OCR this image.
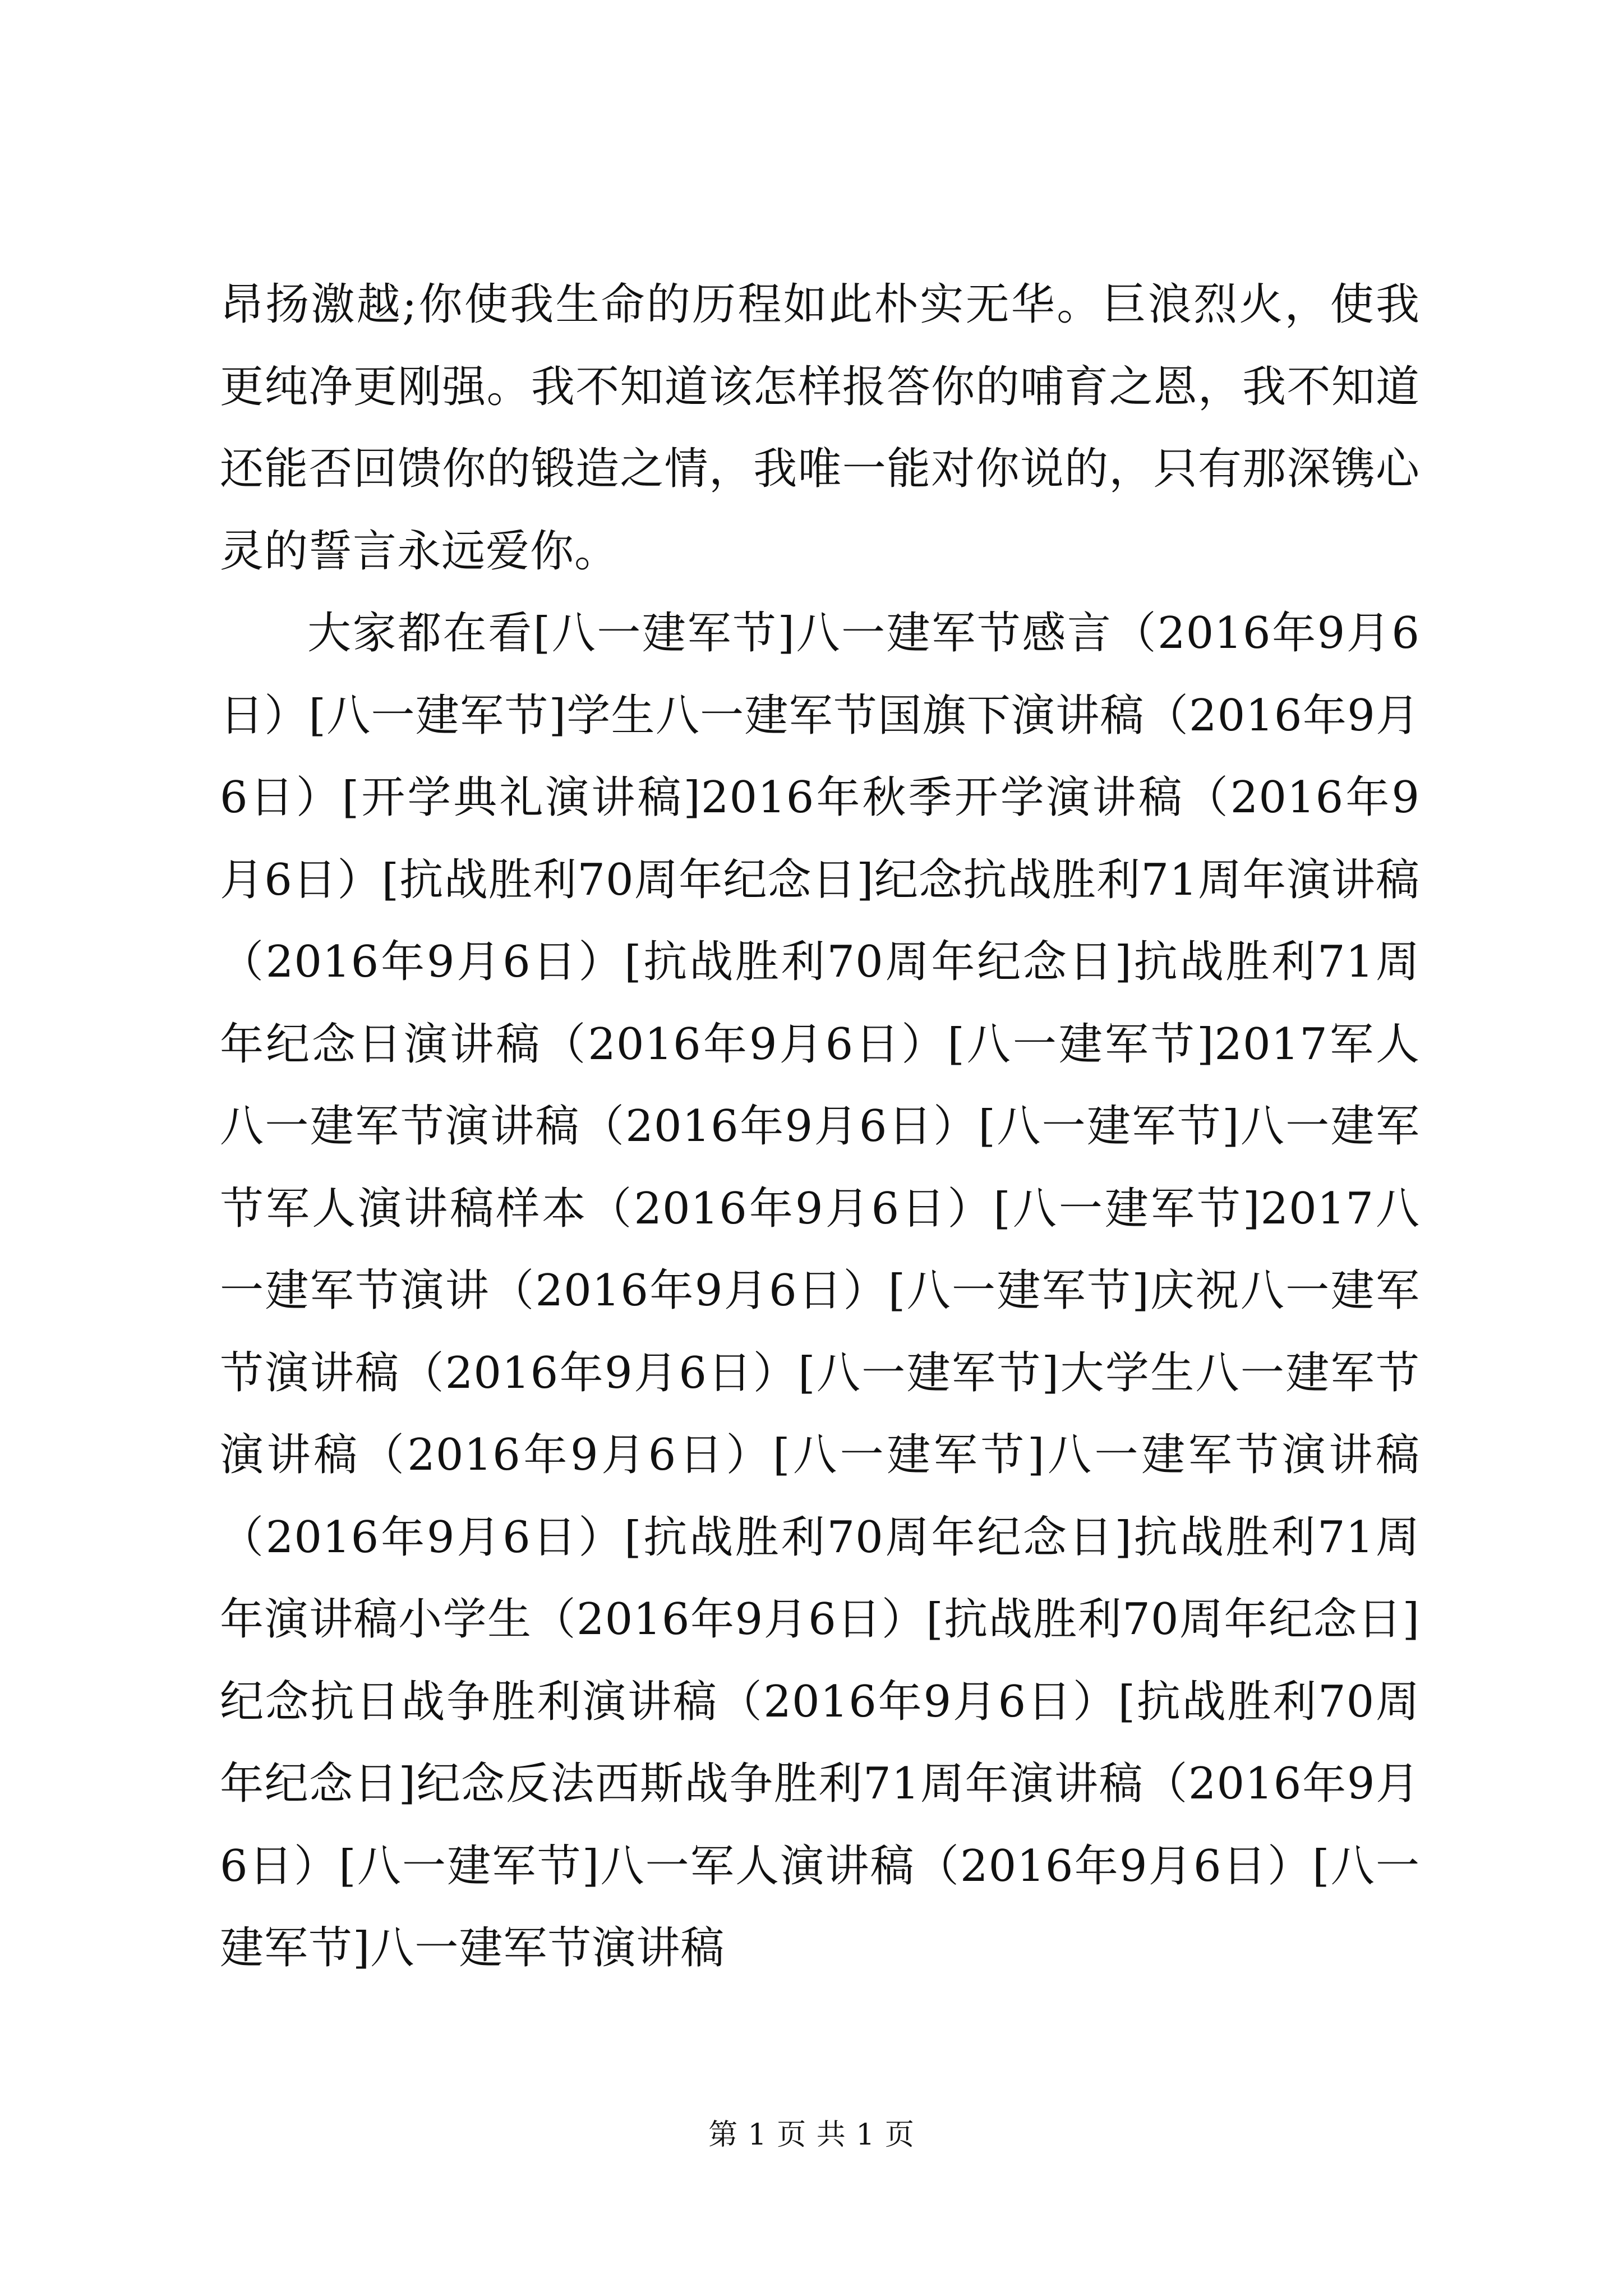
昂扬激越;你使我生命的历程如此朴实无华。巨浪烈火，使我更纯净更刚强。我不知道该怎样报答你的哺育之恩，我不知道还能否回馈你的锻造之情，我唯一能对你说的，只有那深镌心灵的誓言永远爱你。

大家都在看[八一建军节]八一建军节感言（2016年9月6日）[八一建军节]学生八一建军节国旗下演讲稿（2016年9月6日）[开学典礼演讲稿]2016年秋季开学演讲稿（2016年9月6日）[抗战胜利70周年纪念日]纪念抗战胜利71周年演讲稿（2016年9月6日）[抗战胜利70周年纪念日]抗战胜利71周年纪念日演讲稿（2016年9月6日）[八一建军节]2017军人八一建军节演讲稿（2016年9月6日）[八一建军节]八一建军节军人演讲稿样本（2016年9月6日）[八一建军节]2017八一建军节演讲（2016年9月6日）[八一建军节]庆祝八一建军节演讲稿（2016年9月6日）[八一建军节]大学生八一建军节演讲稿（2016年9月6日）[八一建军节]八一建军节演讲稿（2016年9月6日）[抗战胜利70周年纪念日]抗战胜利71周年演讲稿小学生（2016年9月6日）[抗战胜利70周年纪念日]纪念抗日战争胜利演讲稿（2016年9月6日）[抗战胜利70周年纪念日]纪念反法西斯战争胜利71周年演讲稿（2016年9月6日）[八一建军节]八一军人演讲稿（2016年9月6日）[八一建军节]八一建军节演讲稿

第 1 页 共 1 页
